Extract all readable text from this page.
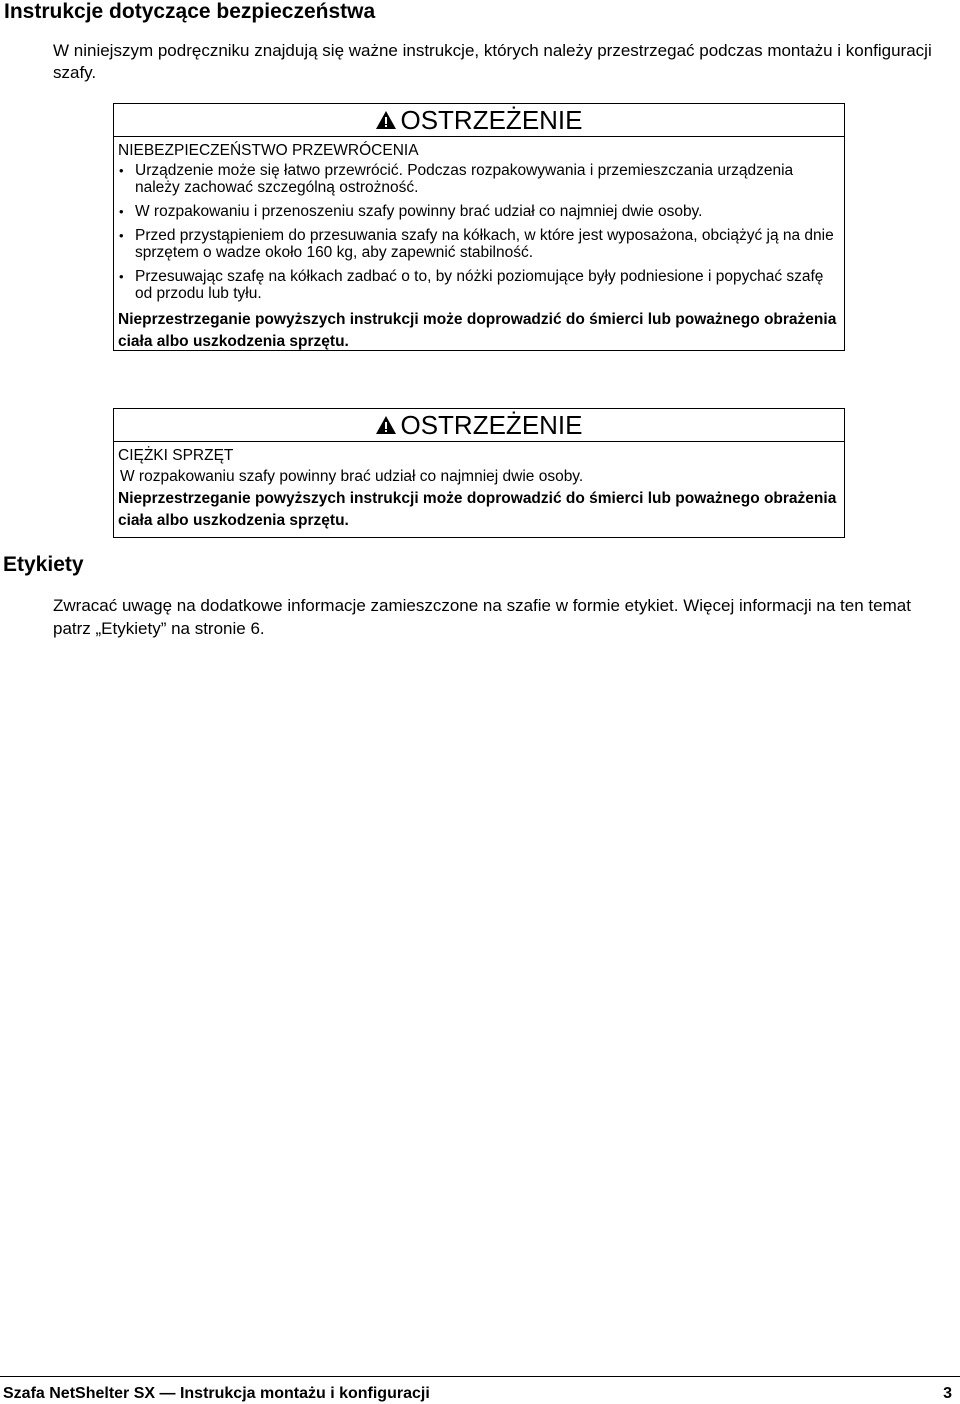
Instrukcje dotyczące bezpieczeństwa

W niniejszym podręczniku znajdują się ważne instrukcje, których należy przestrzegać podczas montażu i konfiguracji szafy.

OSTRZEŻENIE

NIEBEZPIECZEŃSTWO PRZEWRÓCENIA

• Urządzenie może się łatwo przewrócić. Podczas rozpakowywania i przemieszczania urządzenia należy zachować szczególną ostrożność.
• W rozpakowaniu i przenoszeniu szafy powinny brać udział co najmniej dwie osoby.
• Przed przystąpieniem do przesuwania szafy na kółkach, w które jest wyposażona, obciążyć ją na dnie sprzętem o wadze około 160 kg, aby zapewnić stabilność.
• Przesuwając szafę na kółkach zadbać o to, by nóżki poziomujące były podniesione i popychać szafę od przodu lub tyłu.

Nieprzestrzeganie powyższych instrukcji może doprowadzić do śmierci lub poważnego obrażenia ciała albo uszkodzenia sprzętu.

OSTRZEŻENIE

CIĘŻKI SPRZĘT

W rozpakowaniu szafy powinny brać udział co najmniej dwie osoby.

Nieprzestrzeganie powyższych instrukcji może doprowadzić do śmierci lub poważnego obrażenia ciała albo uszkodzenia sprzętu.

Etykiety

Zwracać uwagę na dodatkowe informacje zamieszczone na szafie w formie etykiet. Więcej informacji na ten temat patrz „Etykiety” na stronie 6.

Szafa NetShelter SX — Instrukcja montażu i konfiguracji	3
